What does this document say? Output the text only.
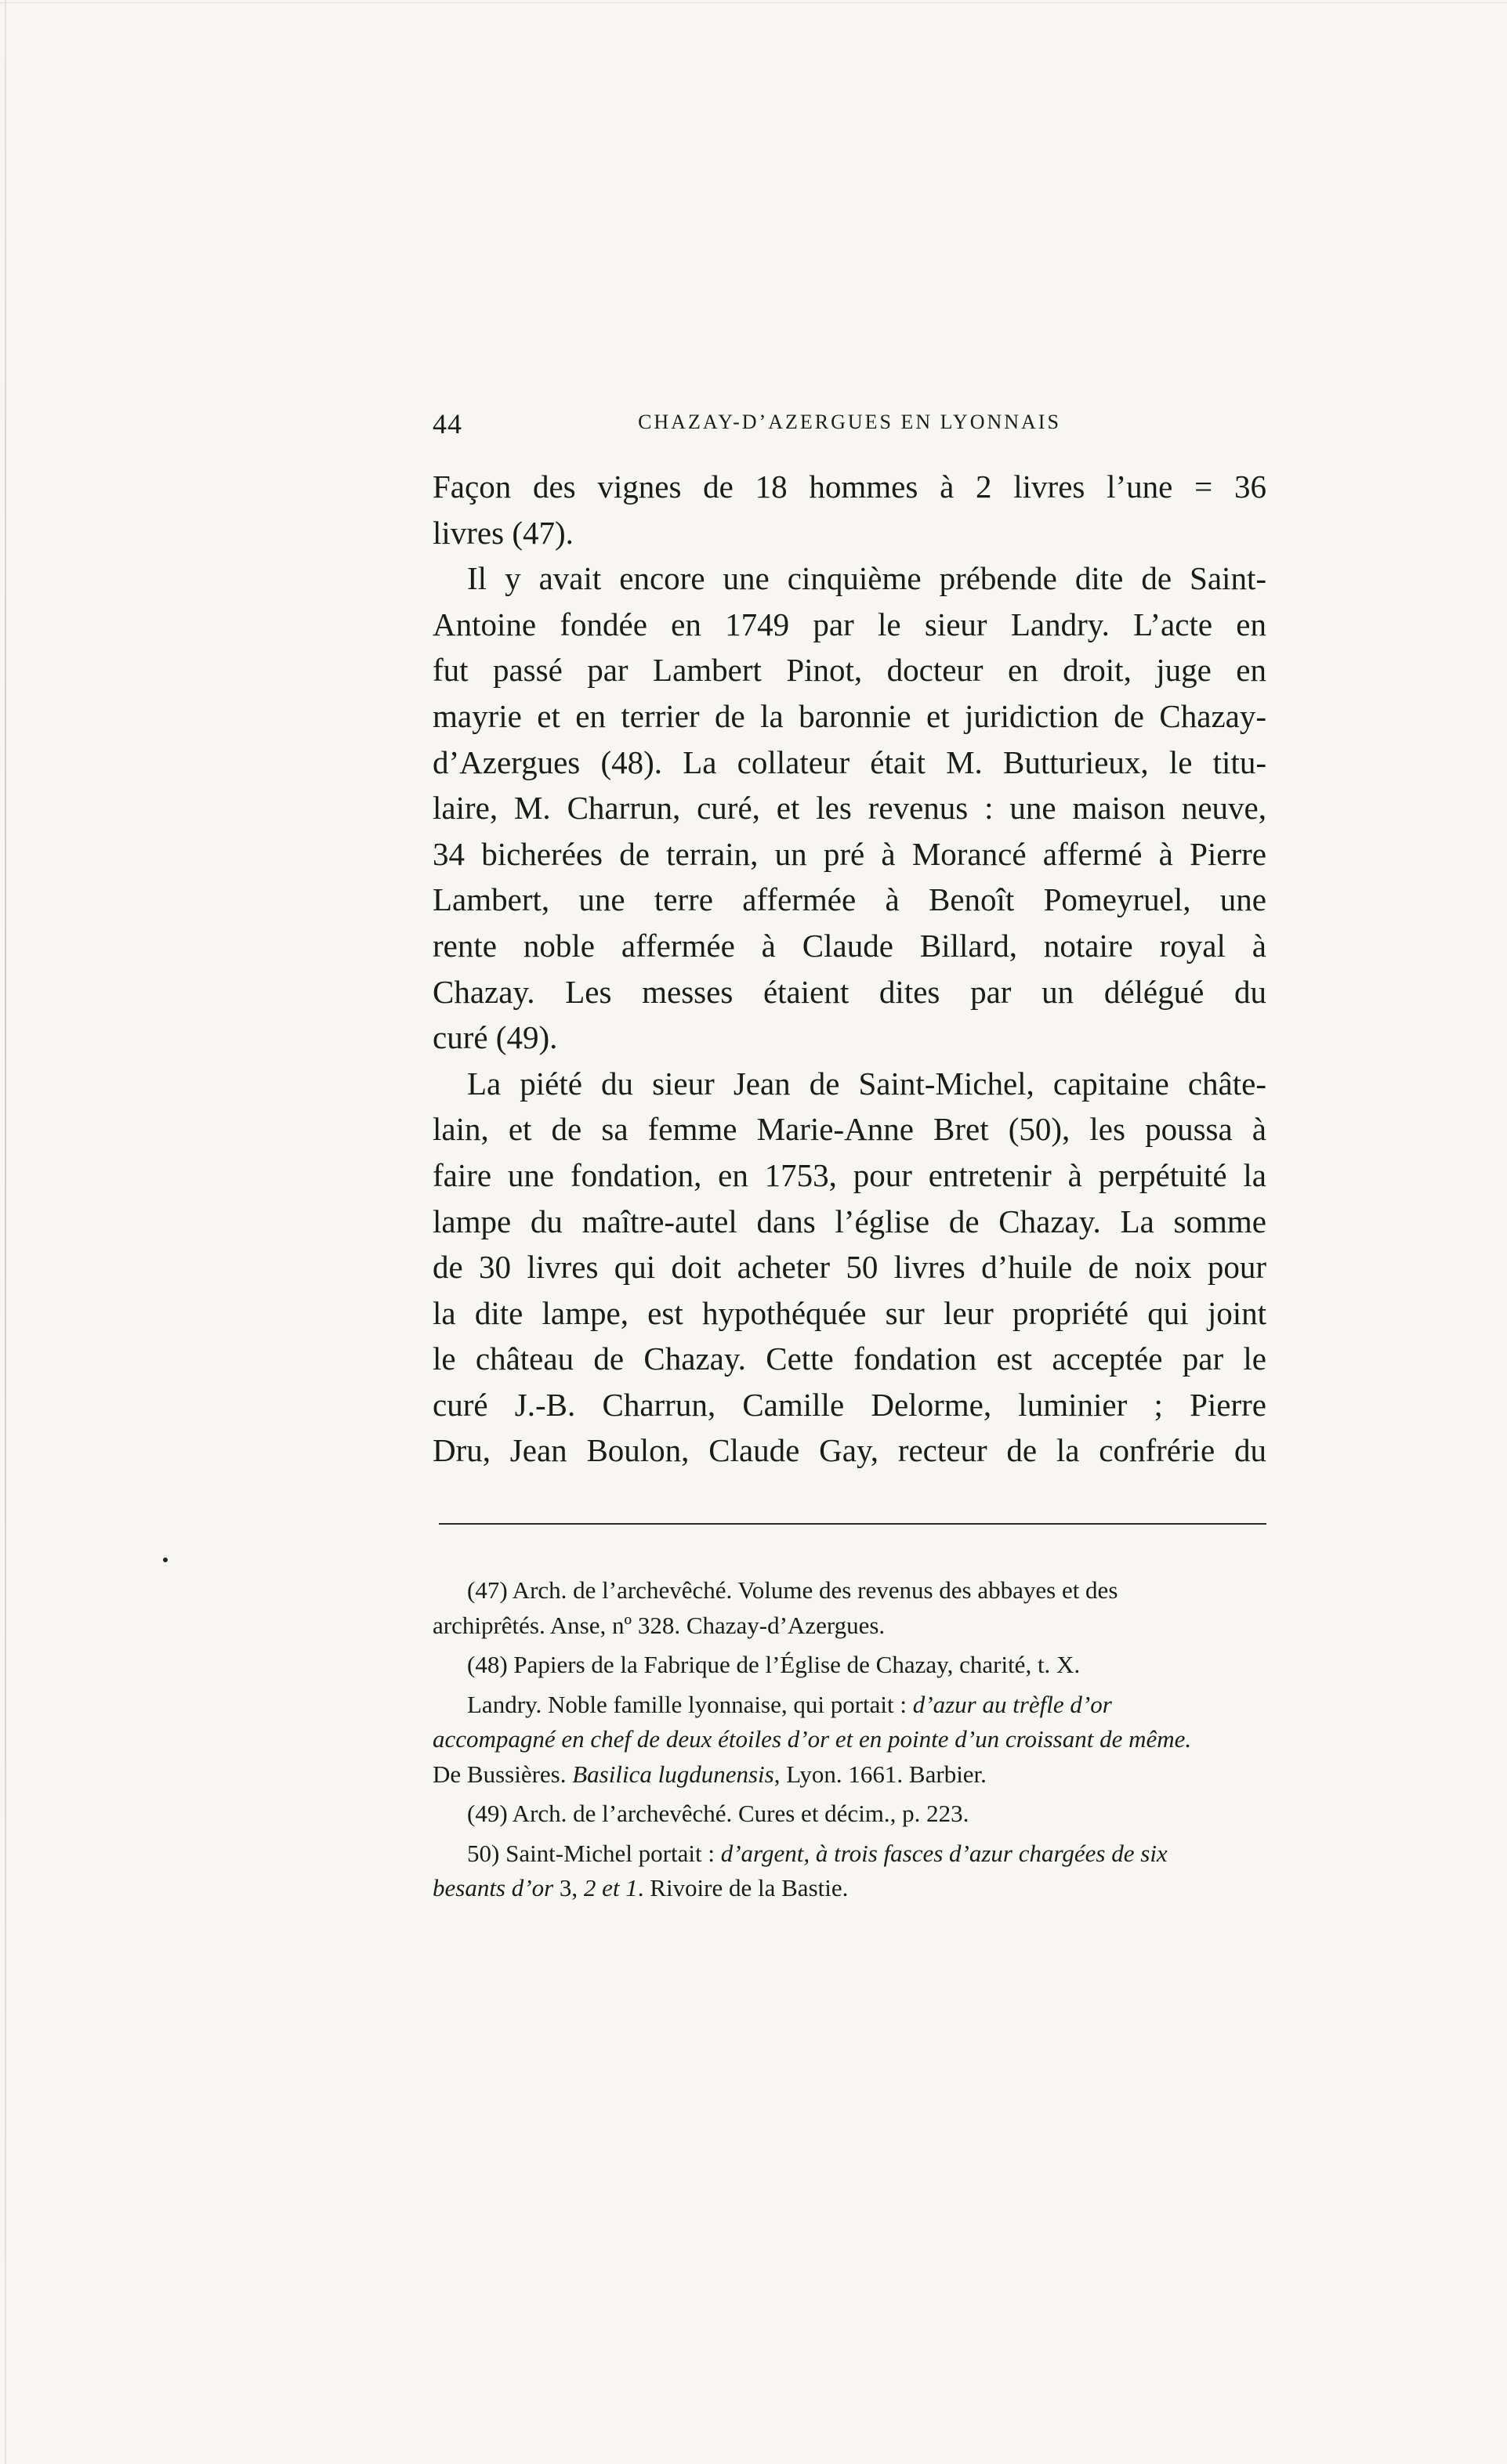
44	CHAZAY-D’AZERGUES EN LYONNAIS

Façon des vignes de 18 hommes à 2 livres l’une = 36

livres (47).

Il y avait encore une cinquième prébende dite de Saint-

Antoine fondée en 1749 par le sieur Landry. L’acte en

fut passé par Lambert Pinot, docteur en droit, juge en

mayrie et en terrier de la baronnie et juridiction de Chazay-

d’Azergues (48). La collateur était M. Butturieux, le titu-

laire, M. Charrun, curé, et les revenus : une maison neuve,

34 bicherées de terrain, un pré à Morancé affermé à Pierre

Lambert, une terre affermée à Benoît Pomeyruel, une

rente noble affermée à Claude Billard, notaire royal à

Chazay. Les messes étaient dites par un délégué du

curé (49).

La piété du sieur Jean de Saint-Michel, capitaine châte-

lain, et de sa femme Marie-Anne Bret (50), les poussa à

faire une fondation, en 1753, pour entretenir à perpétuité la

lampe du maître-autel dans l’église de Chazay. La somme

de 30 livres qui doit acheter 50 livres d’huile de noix pour

la dite lampe, est hypothéquée sur leur propriété qui joint

le château de Chazay. Cette fondation est acceptée par le

curé J.-B. Charrun, Camille Delorme, luminier ; Pierre

Dru, Jean Boulon, Claude Gay, recteur de la confrérie du

(47) Arch. de l’archevêché. Volume des revenus des abbayes et des
archiprêtés. Anse, nº 328. Chazay-d’Azergues.
(48) Papiers de la Fabrique de l’Église de Chazay, charité, t. X.
Landry. Noble famille lyonnaise, qui portait : d’azur au trèfle d’or
accompagné en chef de deux étoiles d’or et en pointe d’un croissant de même.
De Bussières. Basilica lugdunensis, Lyon. 1661. Barbier.
(49) Arch. de l’archevêché. Cures et décim., p. 223.
50) Saint-Michel portait : d’argent, à trois fasces d’azur chargées de six
besants d’or 3, 2 et 1. Rivoire de la Bastie.
